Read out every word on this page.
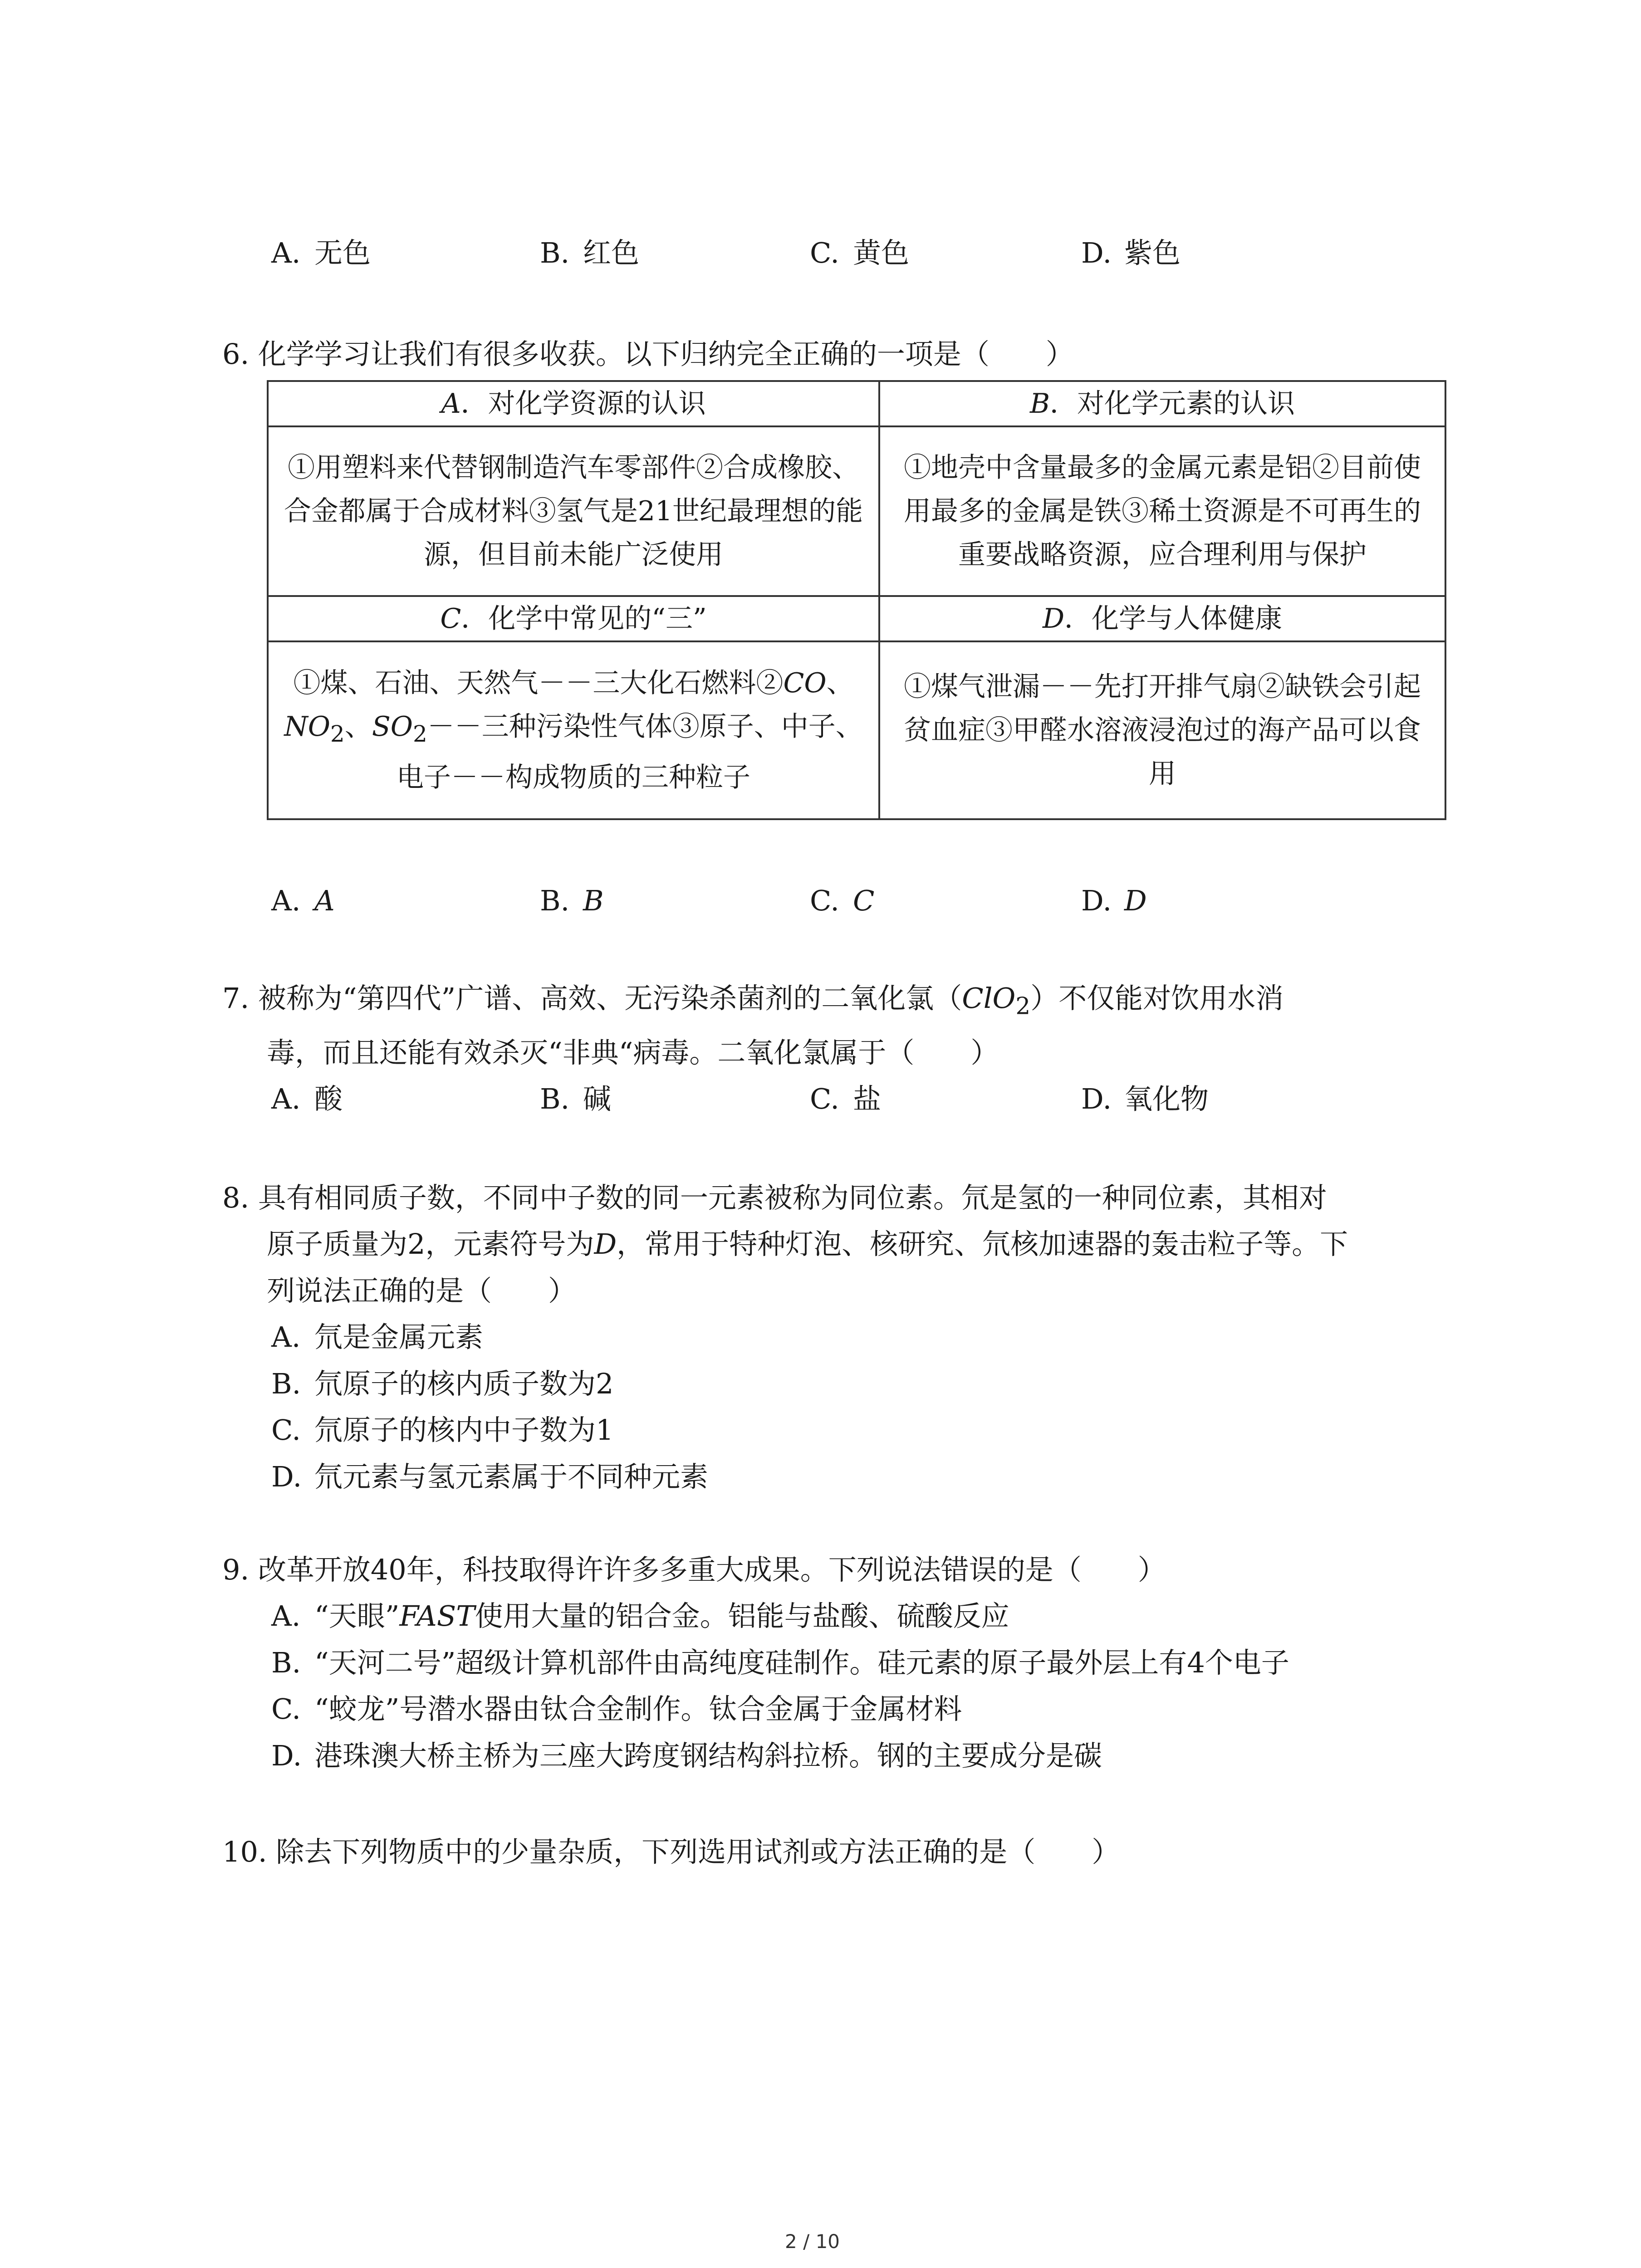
A. 无色	B. 红色	C. 黄色	D. 紫色
6. 化学学习让我们有很多收获。以下归纳完全正确的一项是（　　）
A．对化学资源的认识	B．对化学元素的认识
①用塑料来代替钢制造汽车零部件②合成橡胶、合金都属于合成材料③氢气是21世纪最理想的能源，但目前未能广泛使用	①地壳中含量最多的金属元素是铝②目前使用最多的金属是铁③稀土资源是不可再生的重要战略资源，应合理利用与保护
C．化学中常见的“三”	D．化学与人体健康
①煤、石油、天然气－－三大化石燃料②CO、$NO_2$、$SO_2--$三种污染性气体③原子、中子、电子－－构成物质的三种粒子	①煤气泄漏－－先打开排气扇②缺铁会引起贫血症③甲醛水溶液浸泡过的海产品可以食用
A. A	B. B	C. C	D. D
7. 被称为“第四代”广谱、高效、无污染杀菌剂的二氧化氯（ClO$_2$）不仅能对饮用水消
毒，而且还能有效杀灭“非典“病毒。二氧化氯属于（　　）
A. 酸	B. 碱	C. 盐	D. 氧化物
8. 具有相同质子数，不同中子数的同一元素被称为同位素。氘是氢的一种同位素，其相对
原子质量为2，元素符号为D，常用于特种灯泡、核研究、氘核加速器的轰击粒子等。下
列说法正确的是（　　）
A. 氘是金属元素
B. 氘原子的核内质子数为2
C. 氘原子的核内中子数为1
D. 氘元素与氢元素属于不同种元素
9. 改革开放40年，科技取得许许多多重大成果。下列说法错误的是（　　）
A. “天眼”FAST使用大量的铝合金。铝能与盐酸、硫酸反应
B. “天河二号”超级计算机部件由高纯度硅制作。硅元素的原子最外层上有4个电子
C. “蛟龙”号潜水器由钛合金制作。钛合金属于金属材料
D. 港珠澳大桥主桥为三座大跨度钢结构斜拉桥。钢的主要成分是碳
10. 除去下列物质中的少量杂质，下列选用试剂或方法正确的是（　　）
2 / 10
